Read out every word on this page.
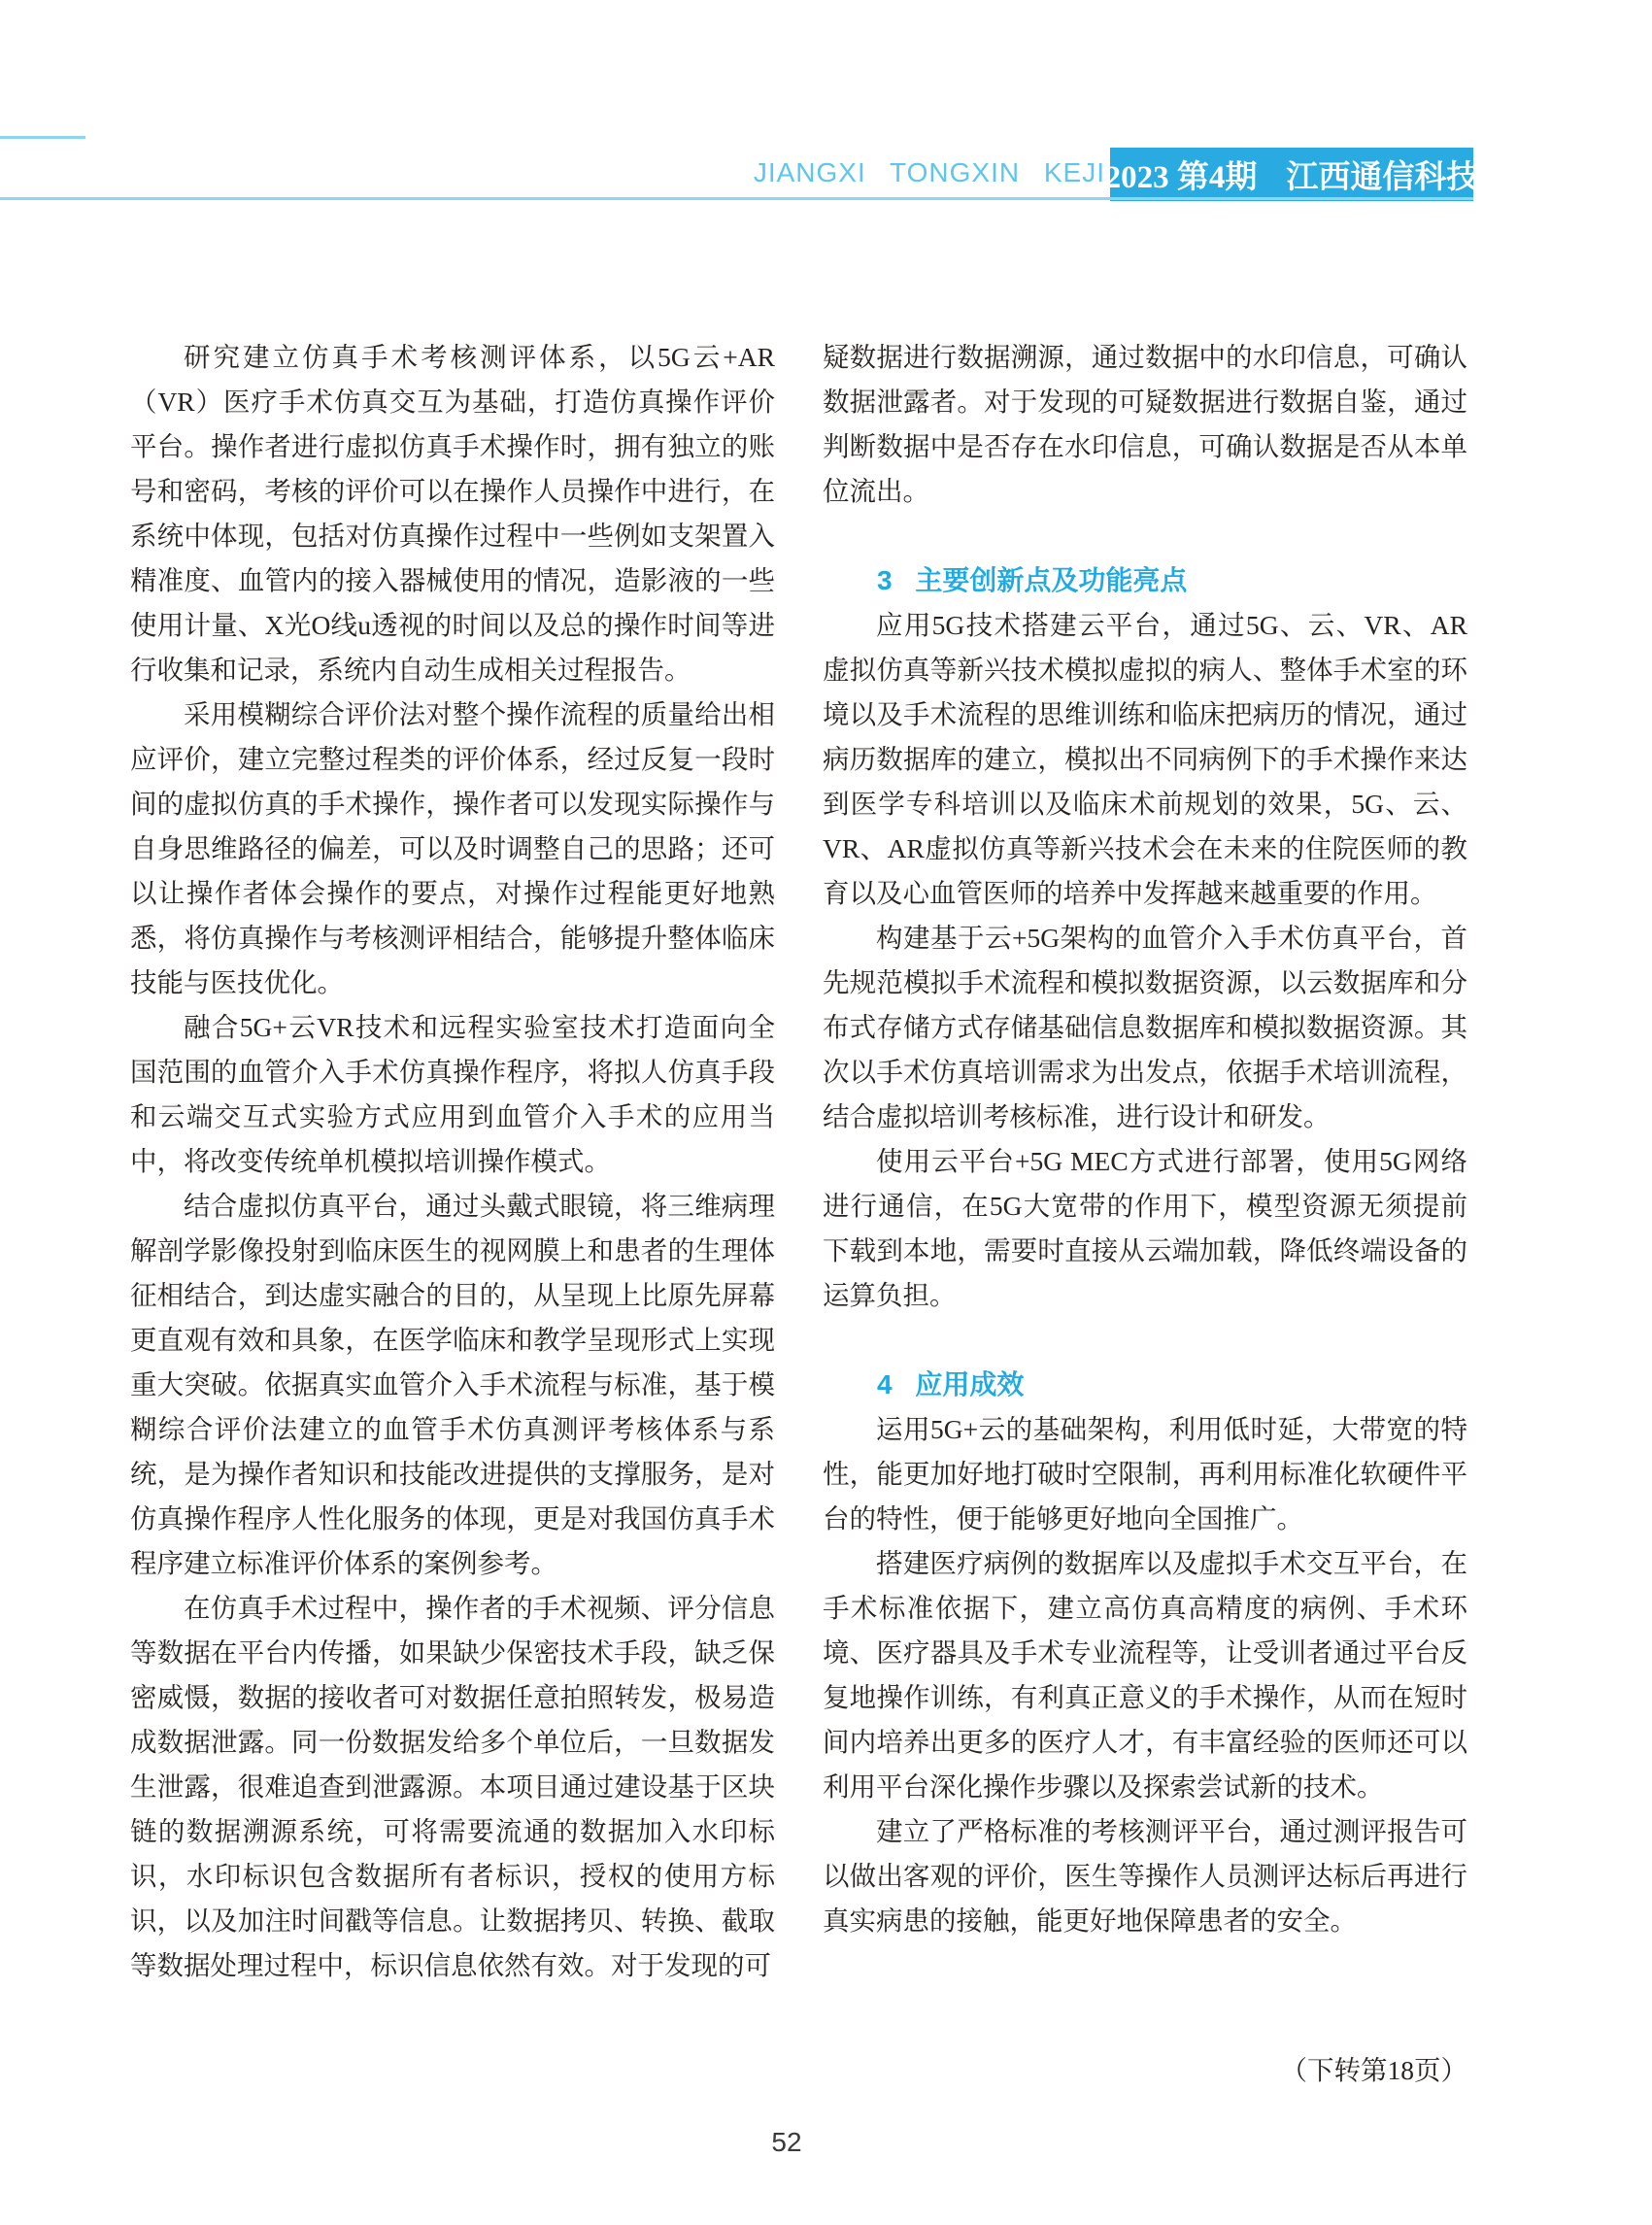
JIANGXI TONGXIN KEJI 2023 第4期 江西通信科技

研究建立仿真手术考核测评体系，以5G云+AR（VR）医疗手术仿真交互为基础，打造仿真操作评价平台。操作者进行虚拟仿真手术操作时，拥有独立的账号和密码，考核的评价可以在操作人员操作中进行，在系统中体现，包括对仿真操作过程中一些例如支架置入精准度、血管内的接入器械使用的情况，造影液的一些使用计量、X光O线u透视的时间以及总的操作时间等进行收集和记录，系统内自动生成相关过程报告。

采用模糊综合评价法对整个操作流程的质量给出相应评价，建立完整过程类的评价体系，经过反复一段时间的虚拟仿真的手术操作，操作者可以发现实际操作与自身思维路径的偏差，可以及时调整自己的思路；还可以让操作者体会操作的要点，对操作过程能更好地熟悉，将仿真操作与考核测评相结合，能够提升整体临床技能与医技优化。

融合5G+云VR技术和远程实验室技术打造面向全国范围的血管介入手术仿真操作程序，将拟人仿真手段和云端交互式实验方式应用到血管介入手术的应用当中，将改变传统单机模拟培训操作模式。

结合虚拟仿真平台，通过头戴式眼镜，将三维病理解剖学影像投射到临床医生的视网膜上和患者的生理体征相结合，到达虚实融合的目的，从呈现上比原先屏幕更直观有效和具象，在医学临床和教学呈现形式上实现重大突破。依据真实血管介入手术流程与标准，基于模糊综合评价法建立的血管手术仿真测评考核体系与系统，是为操作者知识和技能改进提供的支撑服务，是对仿真操作程序人性化服务的体现，更是对我国仿真手术程序建立标准评价体系的案例参考。

在仿真手术过程中，操作者的手术视频、评分信息等数据在平台内传播，如果缺少保密技术手段，缺乏保密威慑，数据的接收者可对数据任意拍照转发，极易造成数据泄露。同一份数据发给多个单位后，一旦数据发生泄露，很难追查到泄露源。本项目通过建设基于区块链的数据溯源系统，可将需要流通的数据加入水印标识，水印标识包含数据所有者标识，授权的使用方标识，以及加注时间戳等信息。让数据拷贝、转换、截取等数据处理过程中，标识信息依然有效。对于发现的可

疑数据进行数据溯源，通过数据中的水印信息，可确认数据泄露者。对于发现的可疑数据进行数据自鉴，通过判断数据中是否存在水印信息，可确认数据是否从本单位流出。

3 主要创新点及功能亮点

应用5G技术搭建云平台，通过5G、云、VR、AR虚拟仿真等新兴技术模拟虚拟的病人、整体手术室的环境以及手术流程的思维训练和临床把病历的情况，通过病历数据库的建立，模拟出不同病例下的手术操作来达到医学专科培训以及临床术前规划的效果，5G、云、VR、AR虚拟仿真等新兴技术会在未来的住院医师的教育以及心血管医师的培养中发挥越来越重要的作用。

构建基于云+5G架构的血管介入手术仿真平台，首先规范模拟手术流程和模拟数据资源，以云数据库和分布式存储方式存储基础信息数据库和模拟数据资源。其次以手术仿真培训需求为出发点，依据手术培训流程，结合虚拟培训考核标准，进行设计和研发。

使用云平台+5G MEC方式进行部署，使用5G网络进行通信，在5G大宽带的作用下，模型资源无须提前下载到本地，需要时直接从云端加载，降低终端设备的运算负担。

4 应用成效

运用5G+云的基础架构，利用低时延，大带宽的特性，能更加好地打破时空限制，再利用标准化软硬件平台的特性，便于能够更好地向全国推广。

搭建医疗病例的数据库以及虚拟手术交互平台，在手术标准依据下，建立高仿真高精度的病例、手术环境、医疗器具及手术专业流程等，让受训者通过平台反复地操作训练，有利真正意义的手术操作，从而在短时间内培养出更多的医疗人才，有丰富经验的医师还可以利用平台深化操作步骤以及探索尝试新的技术。

建立了严格标准的考核测评平台，通过测评报告可以做出客观的评价，医生等操作人员测评达标后再进行真实病患的接触，能更好地保障患者的安全。

（下转第18页）
52
